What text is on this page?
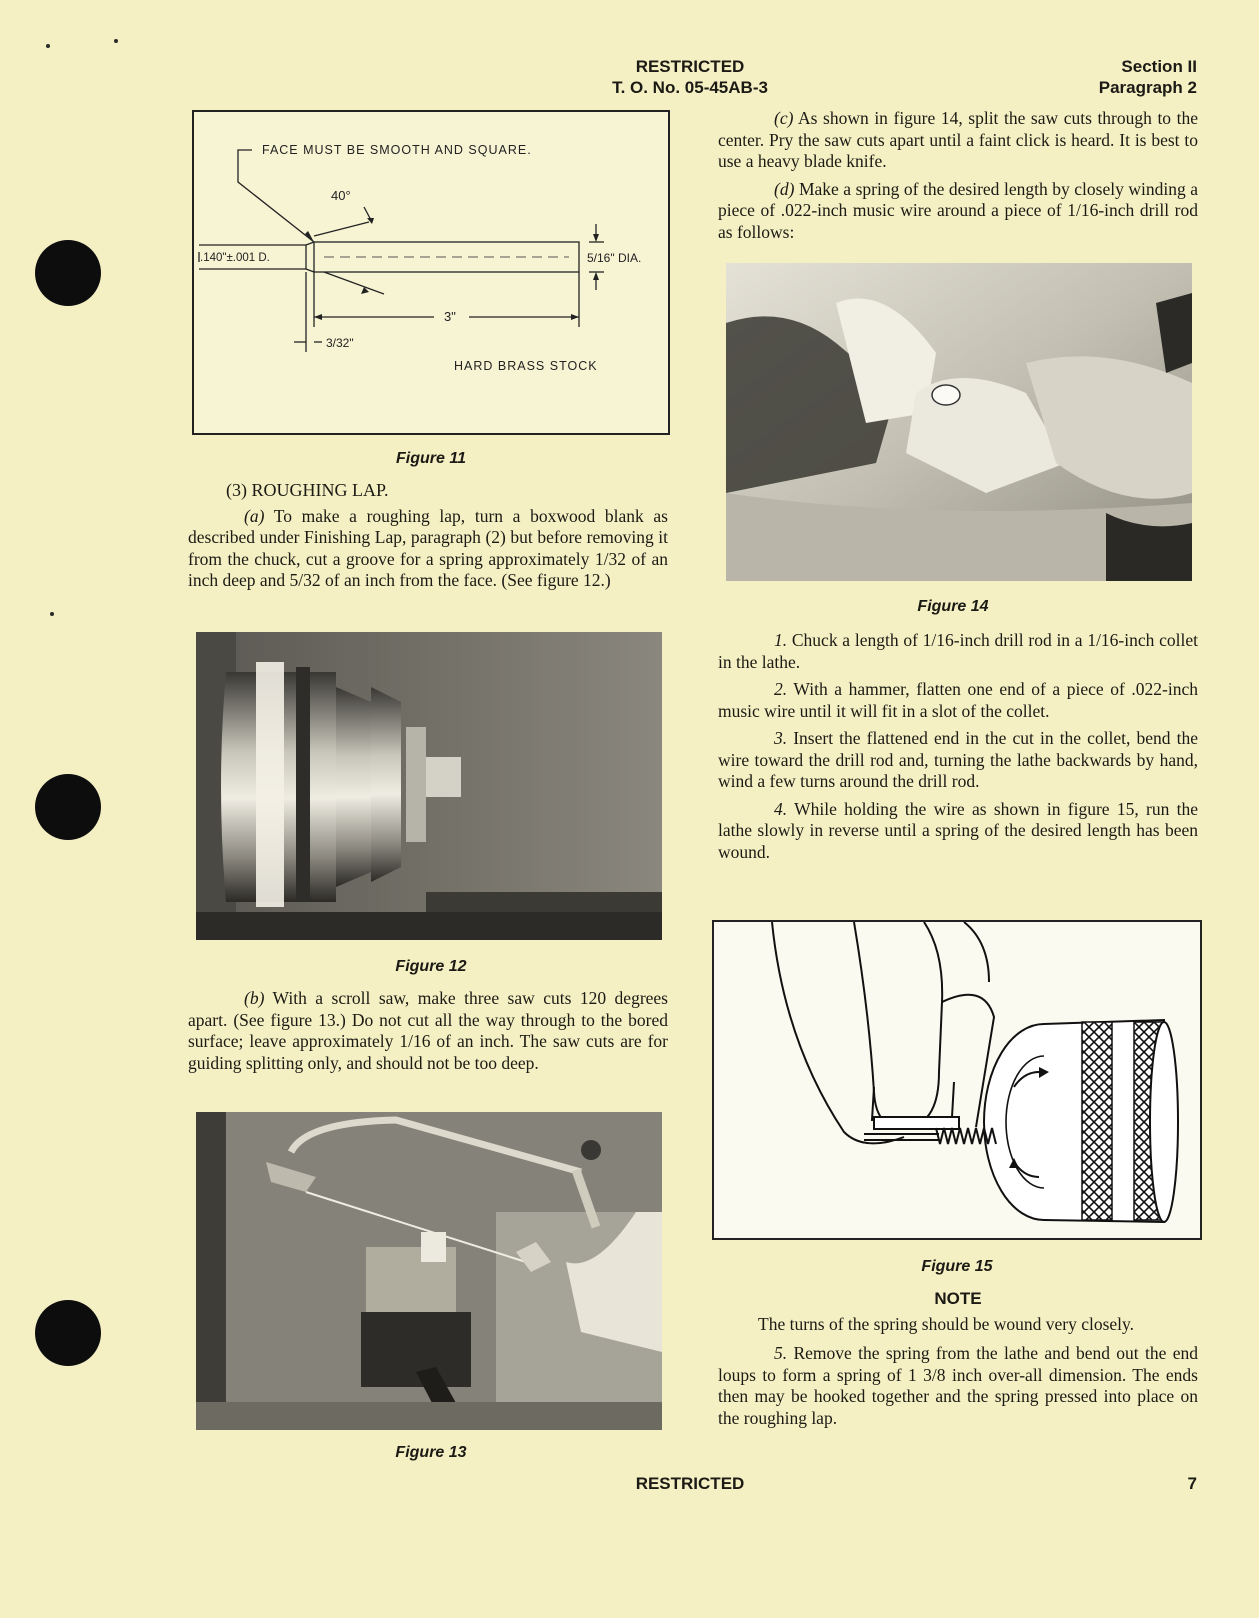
RESTRICTED
T. O. No. 05-45AB-3
Section II
Paragraph 2
FACE MUST BE SMOOTH AND SQUARE.
40°
.140"±.001 D.	5/16" DIA.
3"
3/32"
HARD BRASS STOCK
Figure 11

(3) ROUGHING LAP.

(a) To make a roughing lap, turn a boxwood blank as described under Finishing Lap, paragraph (2) but before removing it from the chuck, cut a groove for a spring approximately 1/32 of an inch deep and 5/32 of an inch from the face. (See figure 12.)

Figure 12

(b) With a scroll saw, make three saw cuts 120 degrees apart. (See figure 13.) Do not cut all the way through to the bored surface; leave approximately 1/16 of an inch. The saw cuts are for guiding splitting only, and should not be too deep.

Figure 13

(c) As shown in figure 14, split the saw cuts through to the center. Pry the saw cuts apart until a faint click is heard. It is best to use a heavy blade knife.

(d) Make a spring of the desired length by closely winding a piece of .022-inch music wire around a piece of 1/16-inch drill rod as follows:

Figure 14

1. Chuck a length of 1/16-inch drill rod in a 1/16-inch collet in the lathe.

2. With a hammer, flatten one end of a piece of .022-inch music wire until it will fit in a slot of the collet.

3. Insert the flattened end in the cut in the collet, bend the wire toward the drill rod and, turning the lathe backwards by hand, wind a few turns around the drill rod.

4. While holding the wire as shown in figure 15, run the lathe slowly in reverse until a spring of the desired length has been wound.

Figure 15

NOTE

The turns of the spring should be wound very closely.

5. Remove the spring from the lathe and bend out the end loups to form a spring of 1 3/8 inch over-all dimension. The ends then may be hooked together and the spring pressed into place on the roughing lap.

RESTRICTED	7
